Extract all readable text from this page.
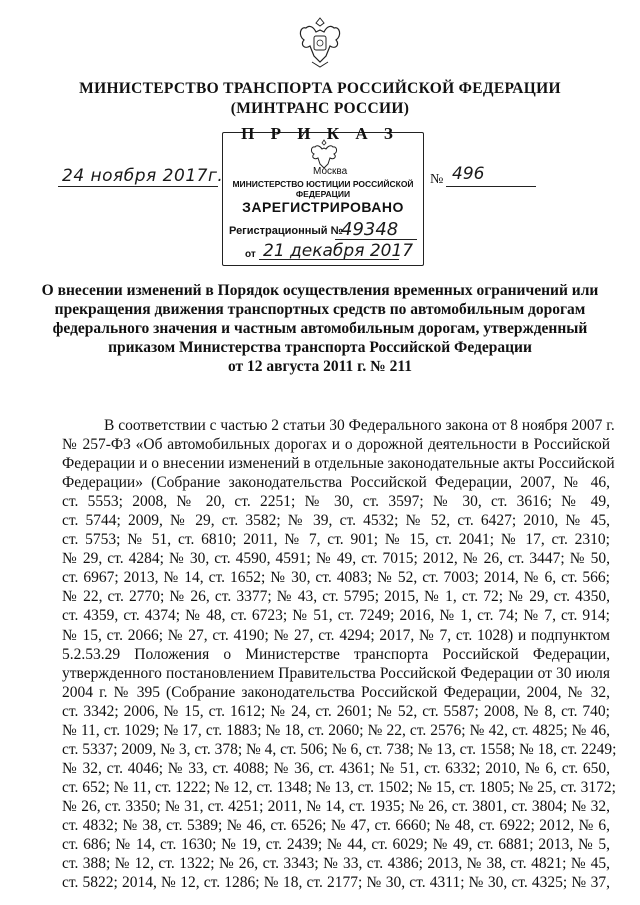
МИНИСТЕРСТВО ТРАНСПОРТА РОССИЙСКОЙ ФЕДЕРАЦИИ
(МИНТРАНС РОССИИ)
Москва
МИНИСТЕРСТВО ЮСТИЦИИ РОССИЙСКОЙ ФЕДЕРАЦИИ
ЗАРЕГИСТРИРОВАНО
Регистрационный №
49348
от 21 декабря 2017
П Р И К А З
24 ноября 2017г.	№ 496
О внесении изменений в Порядок осуществления временных ограничений или
прекращения движения транспортных средств по автомобильным дорогам
федерального значения и частным автомобильным дорогам, утвержденный
приказом Министерства транспорта Российской Федерации
от 12 августа 2011 г. № 211
В соответствии с частью 2 статьи 30 Федерального закона от 8 ноября 2007 г.
№ 257-ФЗ «Об автомобильных дорогах и о дорожной деятельности в Российской
Федерации и о внесении изменений в отдельные законодательные акты Российской
Федерации» (Собрание законодательства Российской Федерации, 2007, № 46,
ст. 5553; 2008, № 20, ст. 2251; № 30, ст. 3597; № 30, ст. 3616; № 49,
ст. 5744; 2009, № 29, ст. 3582; № 39, ст. 4532; № 52, ст. 6427; 2010, № 45,
ст. 5753; № 51, ст. 6810; 2011, № 7, ст. 901; № 15, ст. 2041; № 17, ст. 2310;
№ 29, ст. 4284; № 30, ст. 4590, 4591; № 49, ст. 7015; 2012, № 26, ст. 3447; № 50,
ст. 6967; 2013, № 14, ст. 1652; № 30, ст. 4083; № 52, ст. 7003; 2014, № 6, ст. 566;
№ 22, ст. 2770; № 26, ст. 3377; № 43, ст. 5795; 2015, № 1, ст. 72; № 29, ст. 4350,
ст. 4359, ст. 4374; № 48, ст. 6723; № 51, ст. 7249; 2016, № 1, ст. 74; № 7, ст. 914;
№ 15, ст. 2066; № 27, ст. 4190; № 27, ст. 4294; 2017, № 7, ст. 1028) и подпунктом
5.2.53.29 Положения о Министерстве транспорта Российской Федерации,
утвержденного постановлением Правительства Российской Федерации от 30 июля
2004 г. № 395 (Собрание законодательства Российской Федерации, 2004, № 32,
ст. 3342; 2006, № 15, ст. 1612; № 24, ст. 2601; № 52, ст. 5587; 2008, № 8, ст. 740;
№ 11, ст. 1029; № 17, ст. 1883; № 18, ст. 2060; № 22, ст. 2576; № 42, ст. 4825; № 46,
ст. 5337; 2009, № 3, ст. 378; № 4, ст. 506; № 6, ст. 738; № 13, ст. 1558; № 18, ст. 2249;
№ 32, ст. 4046; № 33, ст. 4088; № 36, ст. 4361; № 51, ст. 6332; 2010, № 6, ст. 650,
ст. 652; № 11, ст. 1222; № 12, ст. 1348; № 13, ст. 1502; № 15, ст. 1805; № 25, ст. 3172;
№ 26, ст. 3350; № 31, ст. 4251; 2011, № 14, ст. 1935; № 26, ст. 3801, ст. 3804; № 32,
ст. 4832; № 38, ст. 5389; № 46, ст. 6526; № 47, ст. 6660; № 48, ст. 6922; 2012, № 6,
ст. 686; № 14, ст. 1630; № 19, ст. 2439; № 44, ст. 6029; № 49, ст. 6881; 2013, № 5,
ст. 388; № 12, ст. 1322; № 26, ст. 3343; № 33, ст. 4386; 2013, № 38, ст. 4821; № 45,
ст. 5822; 2014, № 12, ст. 1286; № 18, ст. 2177; № 30, ст. 4311; № 30, ст. 4325; № 37,
